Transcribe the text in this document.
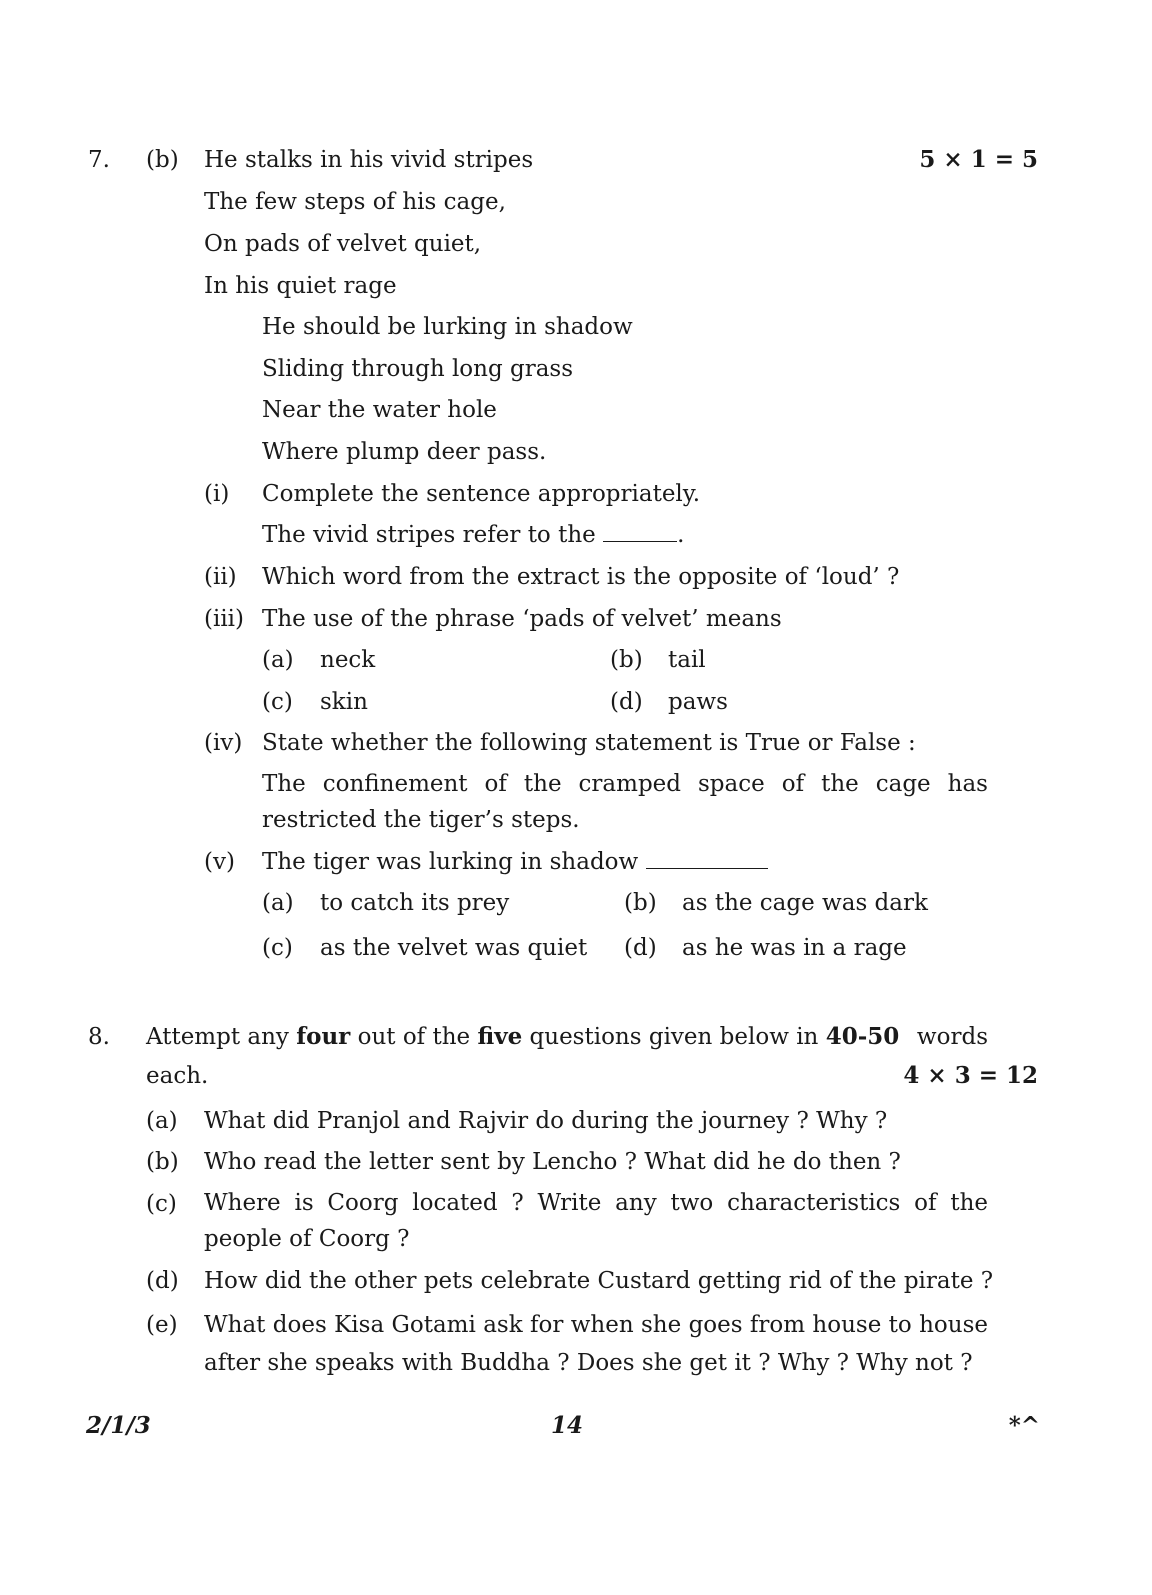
7. (b)	5 × 1 = 5
He stalks in his vivid stripes
The few steps of his cage,
On pads of velvet quiet,
In his quiet rage
He should be lurking in shadow
Sliding through long grass
Near the water hole
Where plump deer pass.
(i) Complete the sentence appropriately.
The vivid stripes refer to the	.
(ii) Which word from the extract is the opposite of ‘loud’ ?
(iii) The use of the phrase ‘pads of velvet’ means
(a) neck	(b) tail
(c) skin	(d) paws
(iv) State whether the following statement is True or False :
The confinement of the cramped space of the cage has restricted the tiger’s steps.
(v) The tiger was lurking in shadow
(a) to catch its prey	(b) as the cage was dark
(c) as the velvet was quiet (d) as he was in a rage
8. Attempt any four out of the five questions given below in 40-50 words
each.	4 × 3 = 12
(a) What did Pranjol and Rajvir do during the journey ? Why ?
(b) Who read the letter sent by Lencho ? What did he do then ?
(c) Where is Coorg located ? Write any two characteristics of the people of Coorg ?
(d) How did the other pets celebrate Custard getting rid of the pirate ?
(e) What does Kisa Gotami ask for when she goes from house to house after she speaks with Buddha ? Does she get it ? Why ? Why not ?
2/1/3	14	*^
